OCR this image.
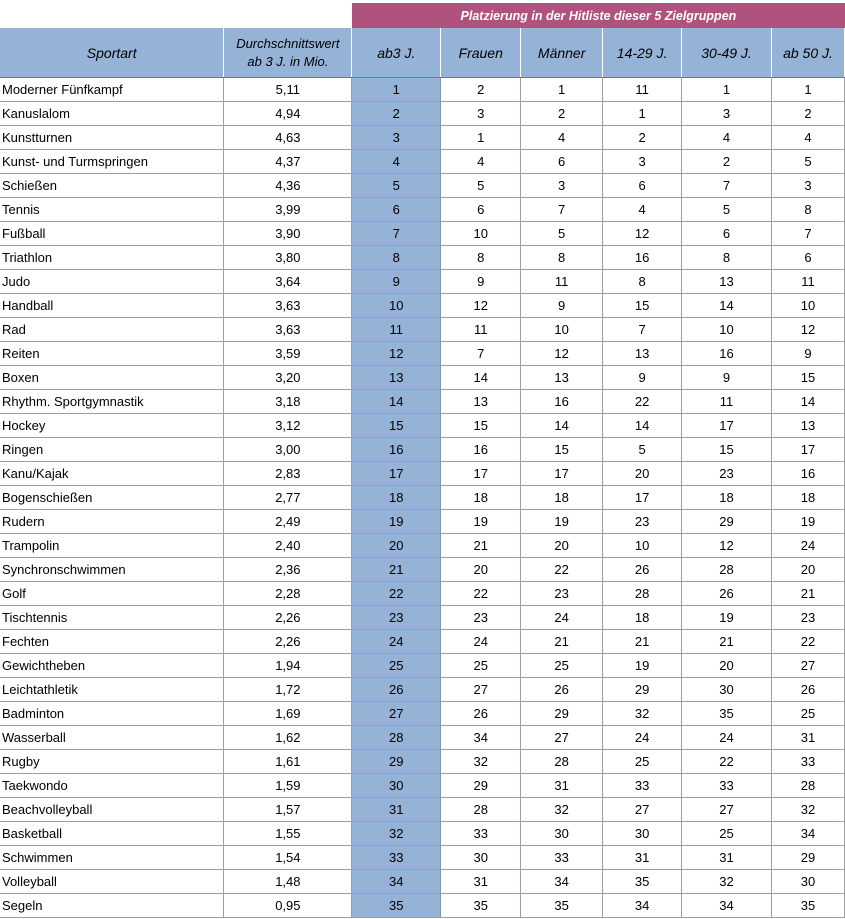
		Platzierung in der Hitliste dieser 5 Zielgruppen					
Sportart	Durchschnittswert
ab 3 J. in Mio.	ab3 J.	Frauen	Männer	14-29 J.	30-49 J.	ab 50 J.
Moderner Fünfkampf	5,11	1	2	1	11	1	1
Kanuslalom	4,94	2	3	2	1	3	2
Kunstturnen	4,63	3	1	4	2	4	4
Kunst- und Turmspringen	4,37	4	4	6	3	2	5
Schießen	4,36	5	5	3	6	7	3
Tennis	3,99	6	6	7	4	5	8
Fußball	3,90	7	10	5	12	6	7
Triathlon	3,80	8	8	8	16	8	6
Judo	3,64	9	9	11	8	13	11
Handball	3,63	10	12	9	15	14	10
Rad	3,63	11	11	10	7	10	12
Reiten	3,59	12	7	12	13	16	9
Boxen	3,20	13	14	13	9	9	15
Rhythm. Sportgymnastik	3,18	14	13	16	22	11	14
Hockey	3,12	15	15	14	14	17	13
Ringen	3,00	16	16	15	5	15	17
Kanu/Kajak	2,83	17	17	17	20	23	16
Bogenschießen	2,77	18	18	18	17	18	18
Rudern	2,49	19	19	19	23	29	19
Trampolin	2,40	20	21	20	10	12	24
Synchronschwimmen	2,36	21	20	22	26	28	20
Golf	2,28	22	22	23	28	26	21
Tischtennis	2,26	23	23	24	18	19	23
Fechten	2,26	24	24	21	21	21	22
Gewichtheben	1,94	25	25	25	19	20	27
Leichtathletik	1,72	26	27	26	29	30	26
Badminton	1,69	27	26	29	32	35	25
Wasserball	1,62	28	34	27	24	24	31
Rugby	1,61	29	32	28	25	22	33
Taekwondo	1,59	30	29	31	33	33	28
Beachvolleyball	1,57	31	28	32	27	27	32
Basketball	1,55	32	33	30	30	25	34
Schwimmen	1,54	33	30	33	31	31	29
Volleyball	1,48	34	31	34	35	32	30
Segeln	0,95	35	35	35	34	34	35
